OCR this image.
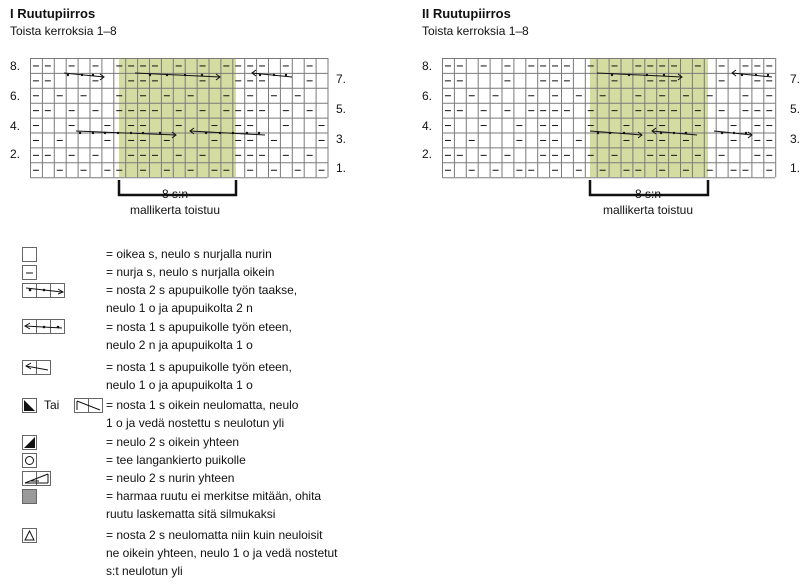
I Ruutupiirros
Toista kerroksia 1–8
8.
6.
4.
2.
7.
5.
3.
1.
8 s:n
mallikerta toistuu
II Ruutupiirros
Toista kerroksia 1–8
8.
6.
4.
2.
7.
5.
3.
1.
8 s:n
mallikerta toistuu
Tai
= oikea s, neulo s nurjalla nurin
= nurja s, neulo s nurjalla oikein
= nosta 2 s apupuikolle työn taakse,
neulo 1 o ja apupuikolta 2 n
= nosta 1 s apupuikolle työn eteen,
neulo 2 n ja apupuikolta 1 o
= nosta 1 s apupuikolle työn eteen,
neulo 1 o ja apupuikolta 1 o
= nosta 1 s oikein neulomatta, neulo
1 o ja vedä nostettu s neulotun yli
= neulo 2 s oikein yhteen
= tee langankierto puikolle
= neulo 2 s nurin yhteen
= harmaa ruutu ei merkitse mitään, ohita
ruutu laskematta sitä silmukaksi
= nosta 2 s neulomatta niin kuin neuloisit
ne oikein yhteen, neulo 1 o ja vedä nostetut
s:t neulotun yli
